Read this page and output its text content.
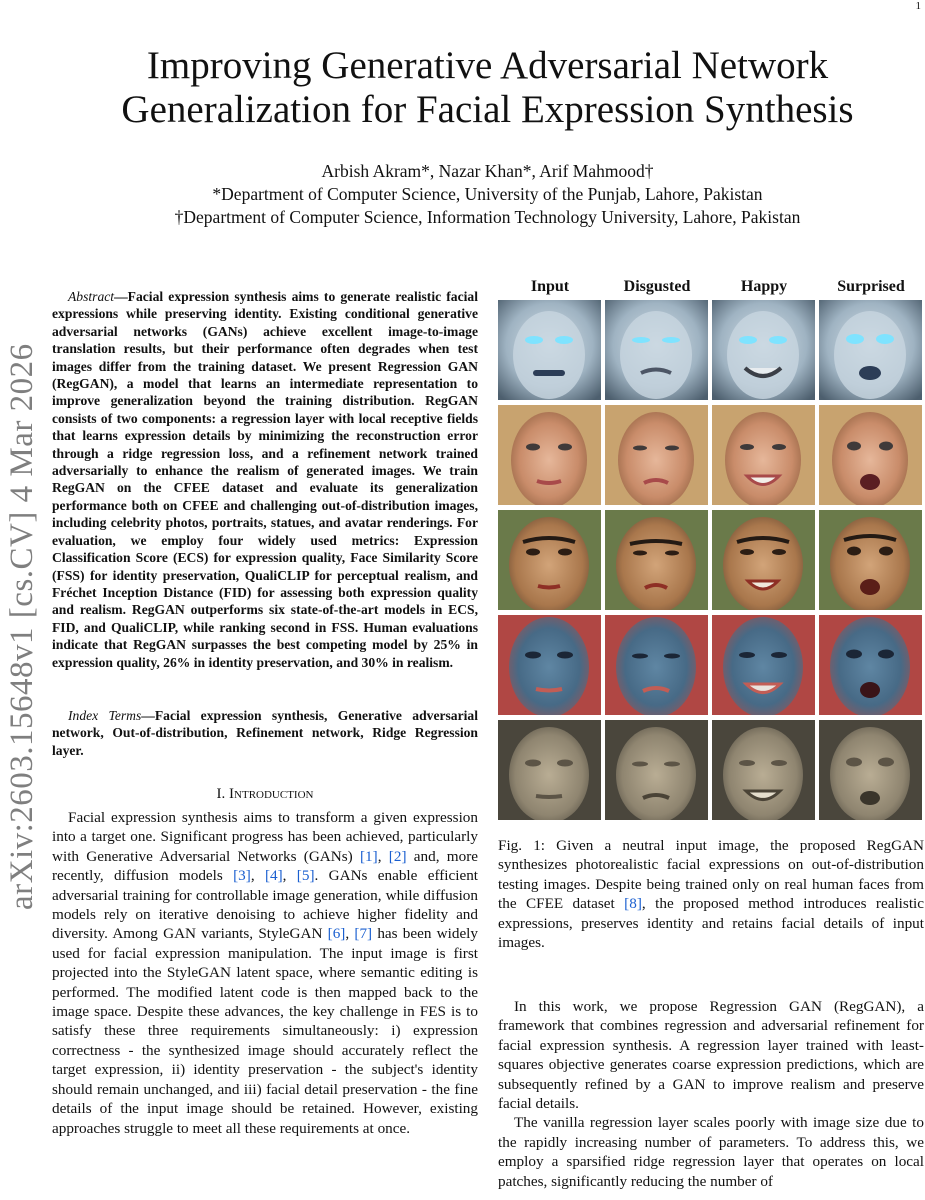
1
arXiv:2603.15648v1 [cs.CV] 4 Mar 2026
Improving Generative Adversarial Network Generalization for Facial Expression Synthesis
Arbish Akram*, Nazar Khan*, Arif Mahmood†
*Department of Computer Science, University of the Punjab, Lahore, Pakistan
†Department of Computer Science, Information Technology University, Lahore, Pakistan
Abstract—Facial expression synthesis aims to generate realistic facial expressions while preserving identity. Existing conditional generative adversarial networks (GANs) achieve excellent image-to-image translation results, but their performance often degrades when test images differ from the training dataset. We present Regression GAN (RegGAN), a model that learns an intermediate representation to improve generalization beyond the training distribution. RegGAN consists of two components: a regression layer with local receptive fields that learns expression details by minimizing the reconstruction error through a ridge regression loss, and a refinement network trained adversarially to enhance the realism of generated images. We train RegGAN on the CFEE dataset and evaluate its generalization performance both on CFEE and challenging out-of-distribution images, including celebrity photos, portraits, statues, and avatar renderings. For evaluation, we employ four widely used metrics: Expression Classification Score (ECS) for expression quality, Face Similarity Score (FSS) for identity preservation, QualiCLIP for perceptual realism, and Fréchet Inception Distance (FID) for assessing both expression quality and realism. RegGAN outperforms six state-of-the-art models in ECS, FID, and QualiCLIP, while ranking second in FSS. Human evaluations indicate that RegGAN surpasses the best competing model by 25% in expression quality, 26% in identity preservation, and 30% in realism.
Index Terms—Facial expression synthesis, Generative adversarial network, Out-of-distribution, Refinement network, Ridge Regression layer.
I. Introduction
Facial expression synthesis aims to transform a given expression into a target one. Significant progress has been achieved, particularly with Generative Adversarial Networks (GANs) [1], [2] and, more recently, diffusion models [3], [4], [5]. GANs enable efficient adversarial training for controllable image generation, while diffusion models rely on iterative denoising to achieve higher fidelity and diversity. Among GAN variants, StyleGAN [6], [7] has been widely used for facial expression manipulation. The input image is first projected into the StyleGAN latent space, where semantic editing is performed. The modified latent code is then mapped back to the image space. Despite these advances, the key challenge in FES is to satisfy these three requirements simultaneously: i) expression correctness - the synthesized image should accurately reflect the target expression, ii) identity preservation - the subject's identity should remain unchanged, and iii) facial detail preservation - the fine details of the input image should be retained. However, existing approaches struggle to meet all these requirements at once.
Input	Disgusted	Happy	Surprised
Fig. 1: Given a neutral input image, the proposed RegGAN synthesizes photorealistic facial expressions on out-of-distribution testing images. Despite being trained only on real human faces from the CFEE dataset [8], the proposed method introduces realistic expressions, preserves identity and retains facial details of input images.

In this work, we propose Regression GAN (RegGAN), a framework that combines regression and adversarial refinement for facial expression synthesis. A regression layer trained with least-squares objective generates coarse expression predictions, which are subsequently refined by a GAN to improve realism and preserve facial details.

The vanilla regression layer scales poorly with image size due to the rapidly increasing number of parameters. To address this, we employ a sparsified ridge regression layer that operates on local patches, significantly reducing the number of
